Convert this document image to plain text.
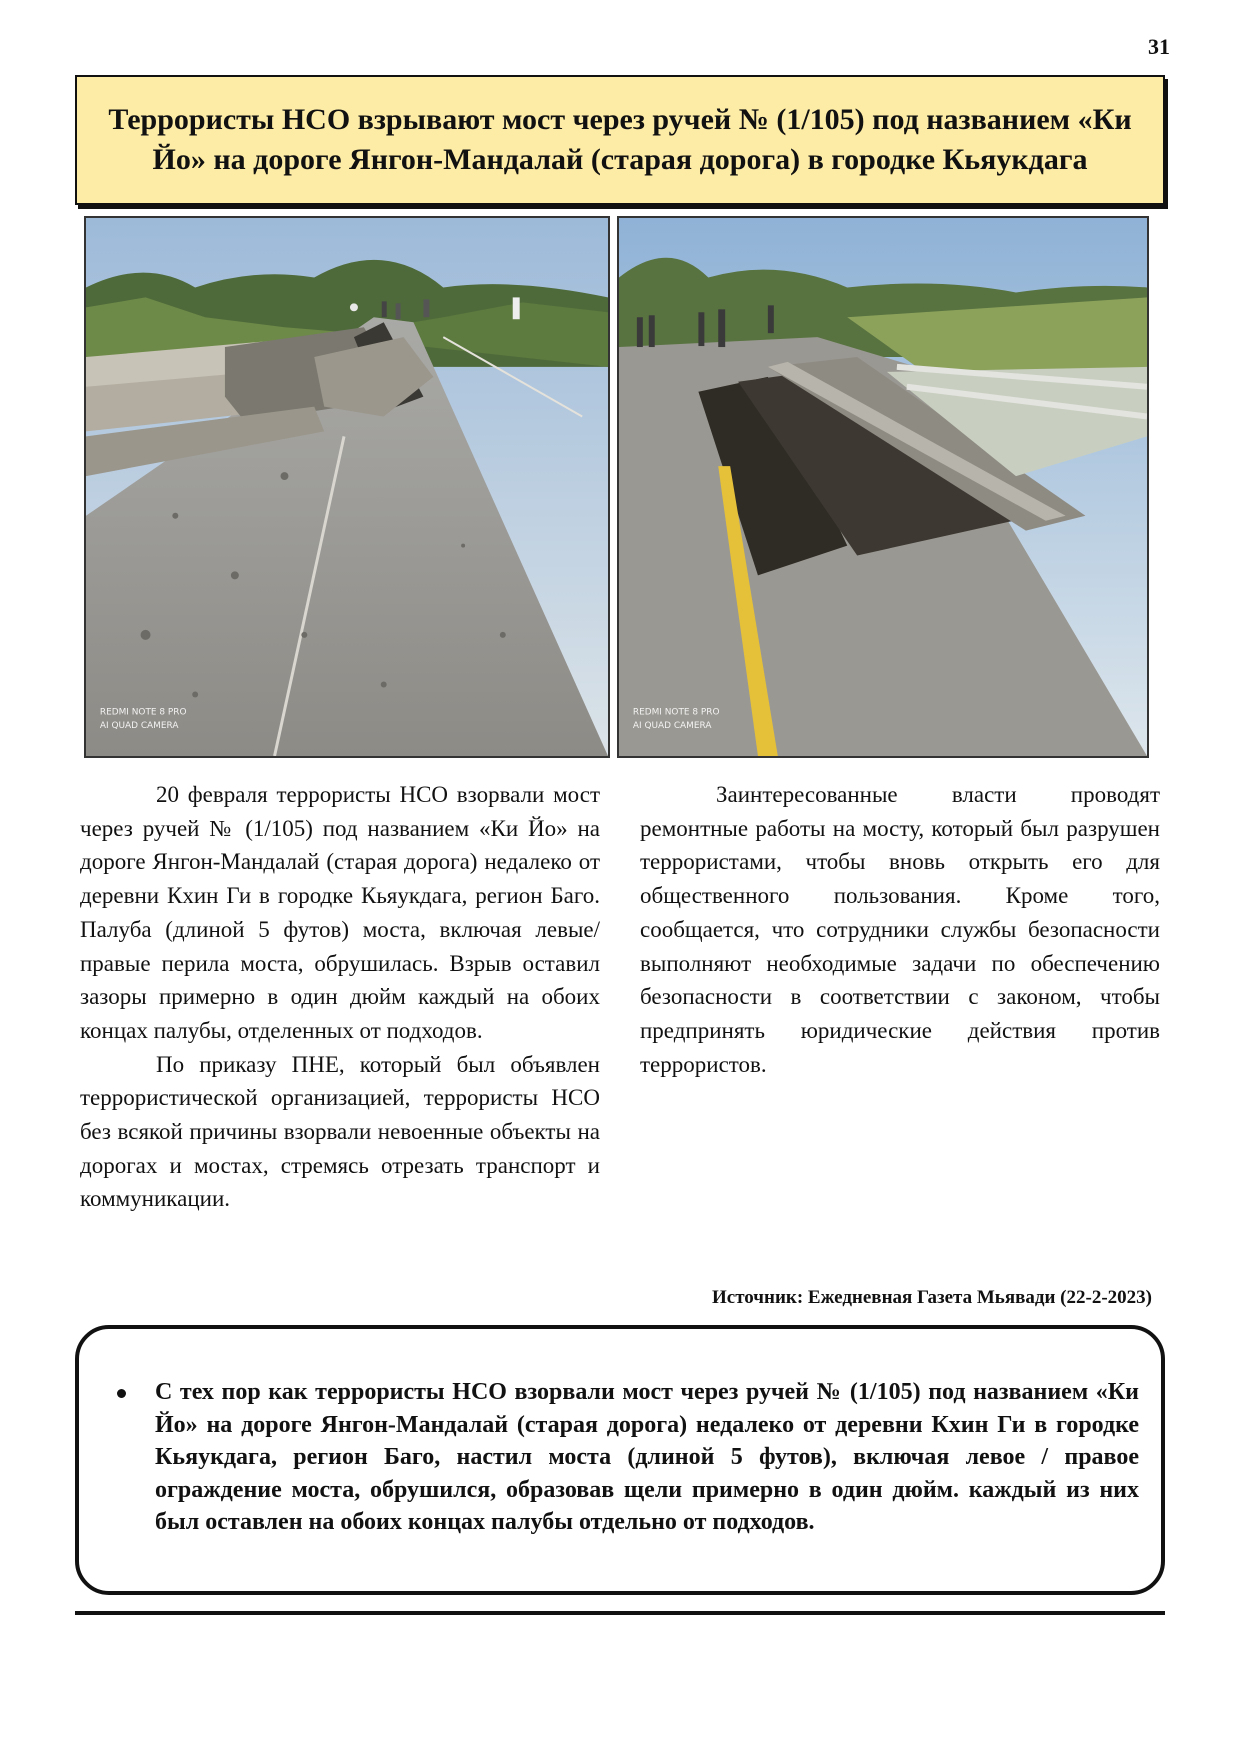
31
Террористы НСО взрывают мост через ручей № (1/105) под названием «Ки Йо» на дороге Янгон-Мандалай (старая дорога) в городке Кьяукдага
REDMI NOTE 8 PRO
AI QUAD CAMERA
REDMI NOTE 8 PRO
AI QUAD CAMERA

20 февраля террористы НСО взорвали мост через ручей № (1/105) под названием «Ки Йо» на дороге Янгон-Мандалай (старая дорога) недалеко от деревни Кхин Ги в городке Кьяукдага, регион Баго. Палуба (длиной 5 футов) моста, включая левые/ правые перила моста, обрушилась. Взрыв оставил зазоры примерно в один дюйм каждый на обоих концах палубы, отделенных от подходов.

По приказу ПНЕ, который был объявлен террористической организацией, террористы НСО без всякой причины взорвали невоенные объекты на дорогах и мостах, стремясь отрезать транспорт и коммуникации.

Заинтересованные власти проводят ремонтные работы на мосту, который был разрушен террористами, чтобы вновь открыть его для общественного пользования. Кроме того, сообщается, что сотрудники службы безопасности выполняют необходимые задачи по обеспечению безопасности в соответствии с законом, чтобы предпринять юридические действия против террористов.

Источник: Ежедневная Газета Мьявади (22-2-2023)
С тех пор как террористы НСО взорвали мост через ручей № (1/105) под названием «Ки Йо» на дороге Янгон-Мандалай (старая дорога) недалеко от деревни Кхин Ги в городке Кьяукдага, регион Баго, настил моста (длиной 5 футов), включая левое / правое ограждение моста, обрушился, образовав щели примерно в один дюйм. каждый из них был оставлен на обоих концах палубы отдельно от подходов.
